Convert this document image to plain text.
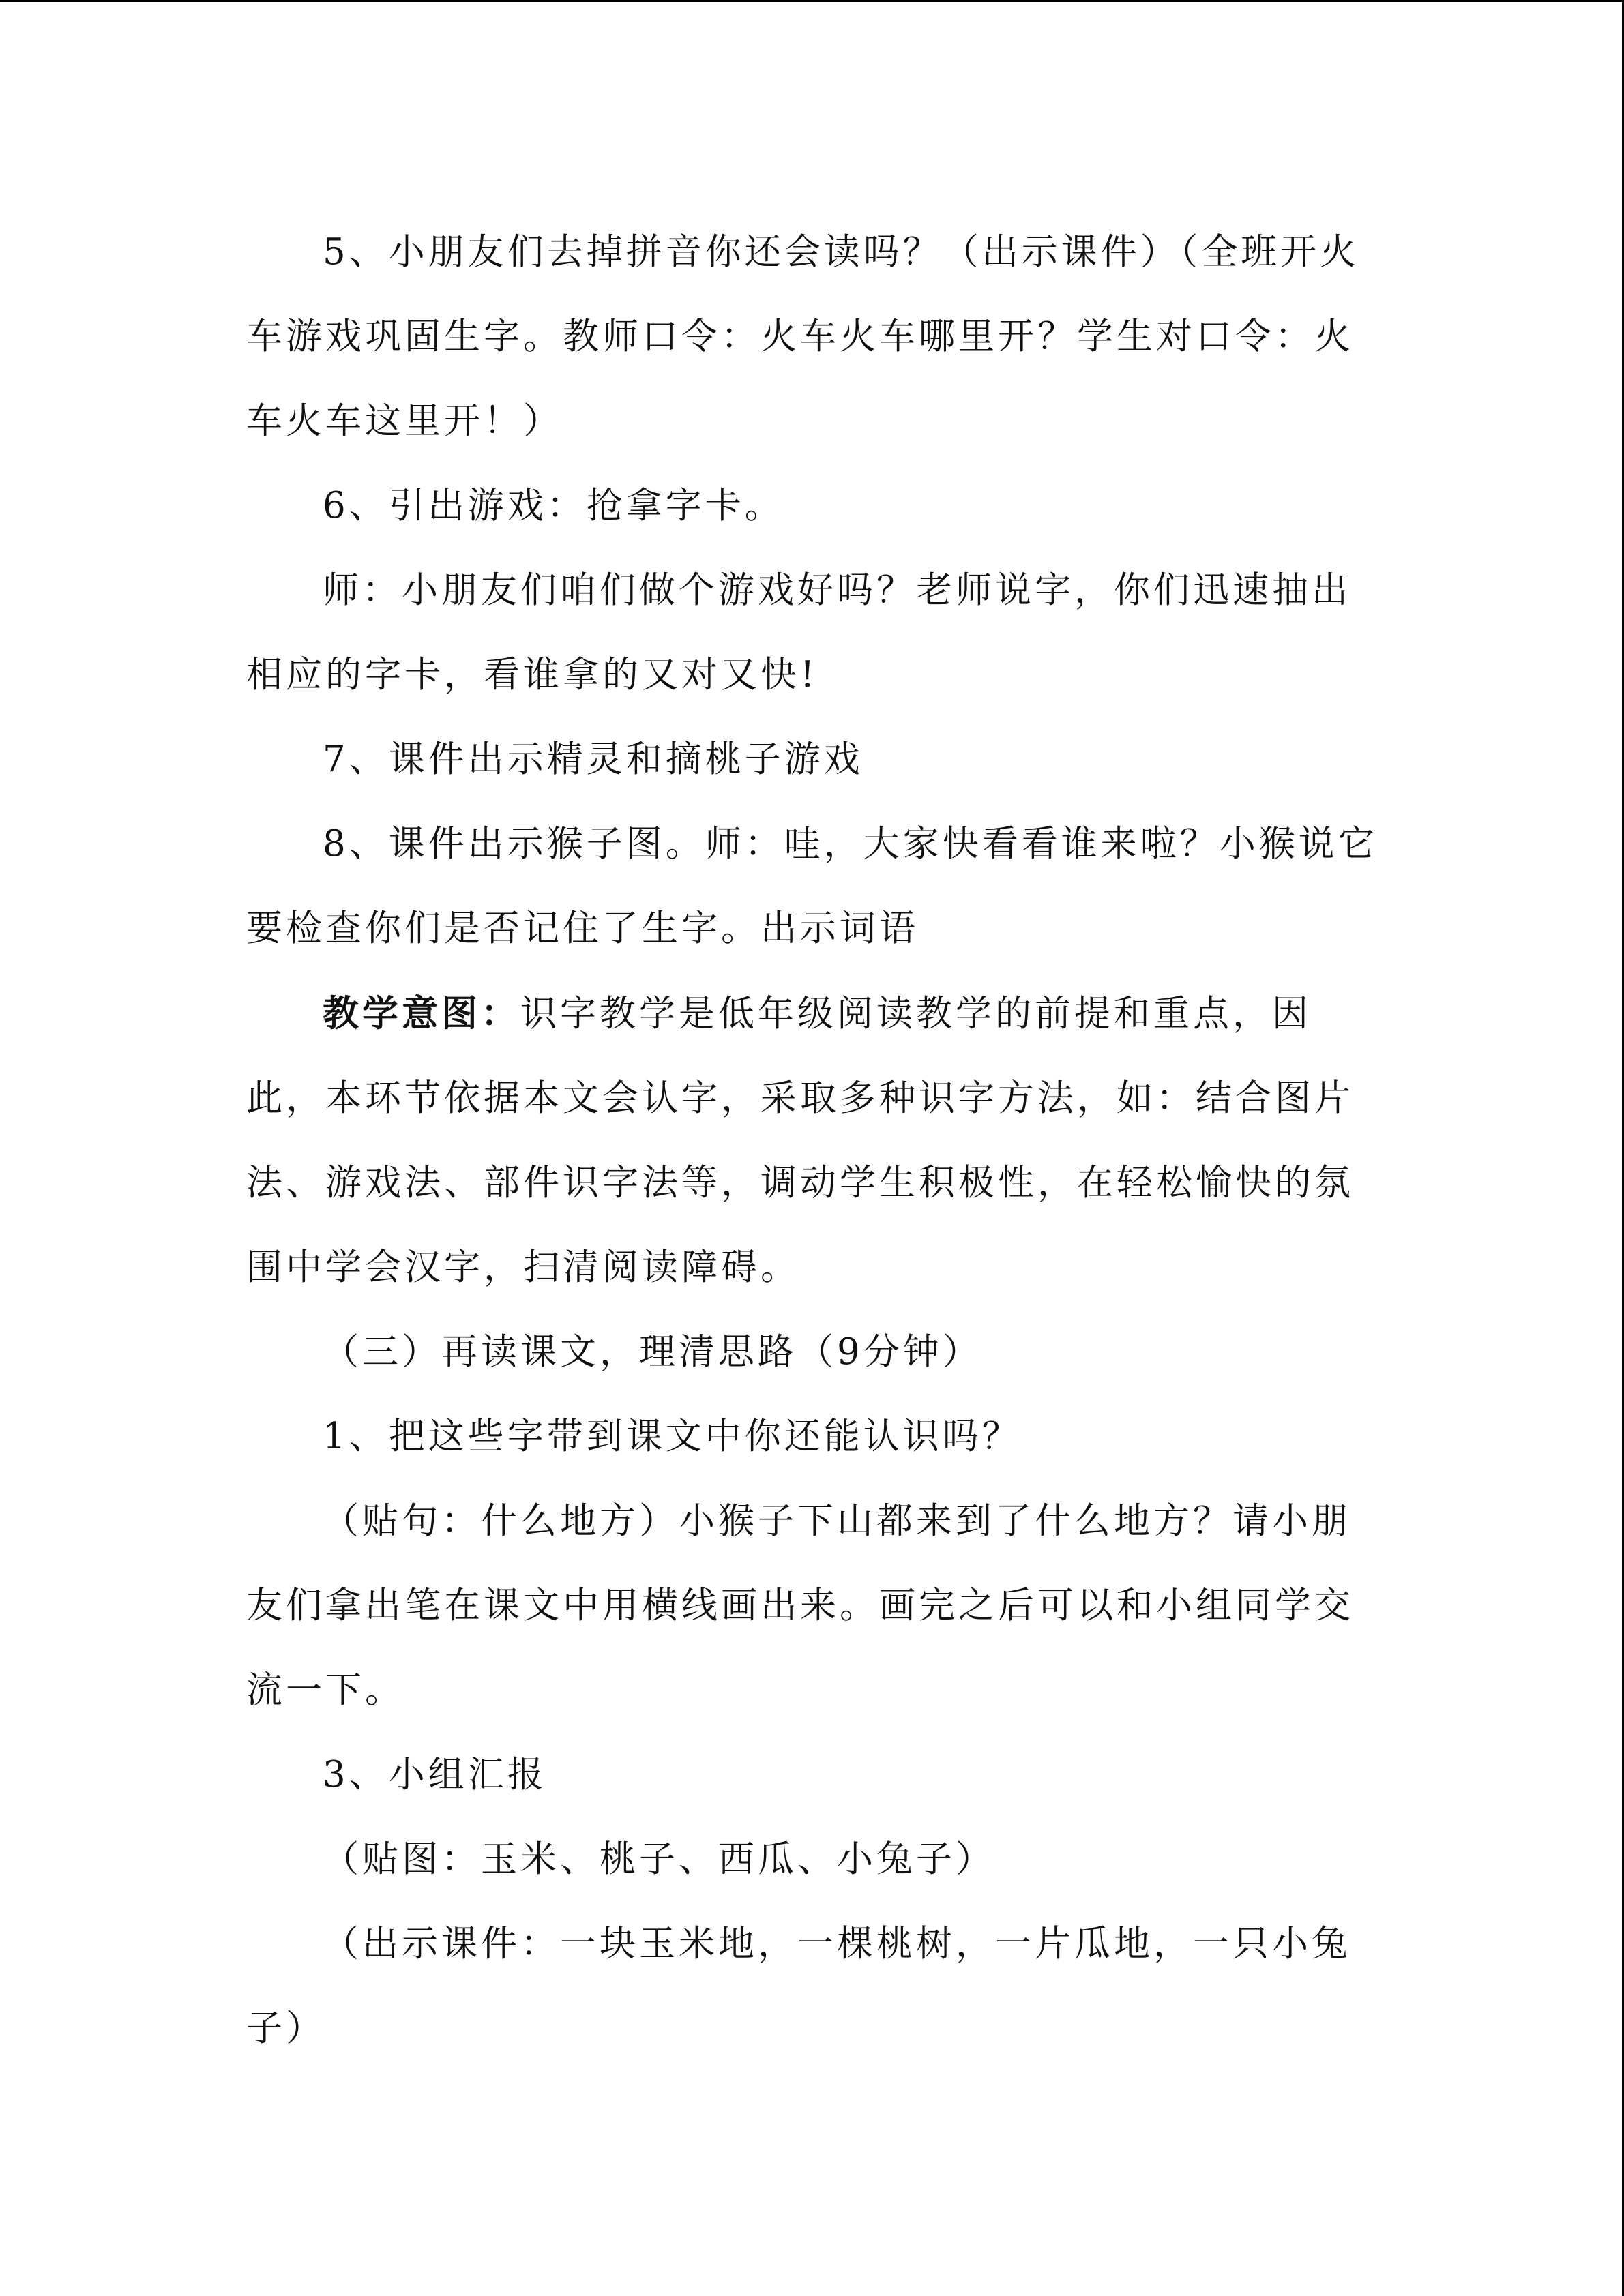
5、小朋友们去掉拼音你还会读吗？（出示课件）（全班开火车游戏巩固生字。教师口令：火车火车哪里开？学生对口令：火车火车这里开！）

6、引出游戏：抢拿字卡。

师：小朋友们咱们做个游戏好吗？老师说字，你们迅速抽出相应的字卡，看谁拿的又对又快!

7、课件出示精灵和摘桃子游戏

8、课件出示猴子图。师：哇，大家快看看谁来啦？小猴说它要检查你们是否记住了生字。出示词语

教学意图：识字教学是低年级阅读教学的前提和重点，因此，本环节依据本文会认字，采取多种识字方法，如：结合图片法、游戏法、部件识字法等，调动学生积极性，在轻松愉快的氛围中学会汉字，扫清阅读障碍。

（三）再读课文，理清思路（9分钟）

1、把这些字带到课文中你还能认识吗？

（贴句：什么地方）小猴子下山都来到了什么地方？请小朋友们拿出笔在课文中用横线画出来。画完之后可以和小组同学交流一下。

3、小组汇报

（贴图：玉米、桃子、西瓜、小兔子）

（出示课件：一块玉米地，一棵桃树，一片瓜地，一只小兔子）
